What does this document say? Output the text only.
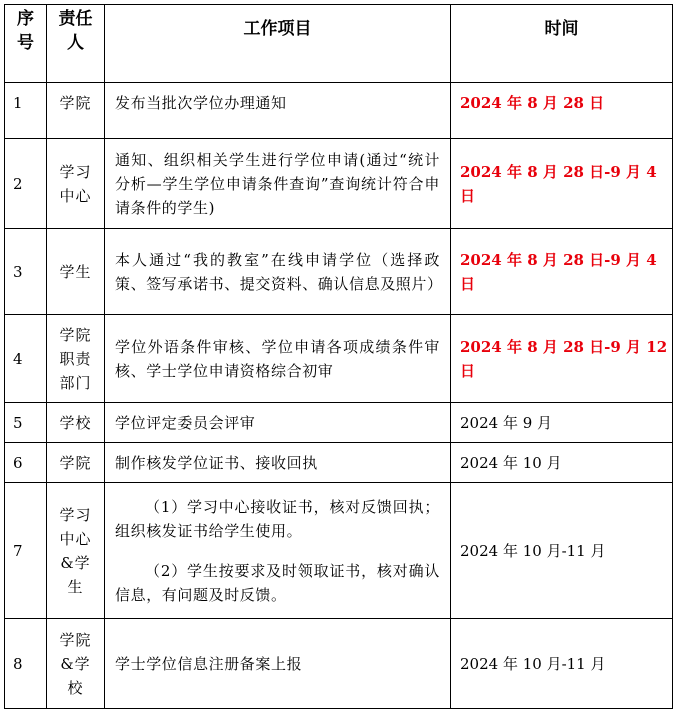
序号	责任人	工作项目	时间
1	学院	发布当批次学位办理通知	2024 年 8 月 28 日
2	学习中心	通知、组织相关学生进行学位申请(通过“统计分析—学生学位申请条件查询”查询统计符合申请条件的学生)	2024 年 8 月 28 日-9 月 4 日
3	学生	本人通过“我的教室”在线申请学位（选择政策、签写承诺书、提交资料、确认信息及照片）	2024 年 8 月 28 日-9 月 4 日
4	学院职责部门	学位外语条件审核、学位申请各项成绩条件审核、学士学位申请资格综合初审	2024 年 8 月 28 日-9 月 12 日
5	学校	学位评定委员会评审	2024 年 9 月
6	学院	制作核发学位证书、接收回执	2024 年 10 月
7	学习中心&学生	（1）学习中心接收证书，核对反馈回执；组织核发证书给学生使用。
（2）学生按要求及时领取证书，核对确认信息，有问题及时反馈。	2024 年 10 月-11 月
8	学院&学校	学士学位信息注册备案上报	2024 年 10 月-11 月
